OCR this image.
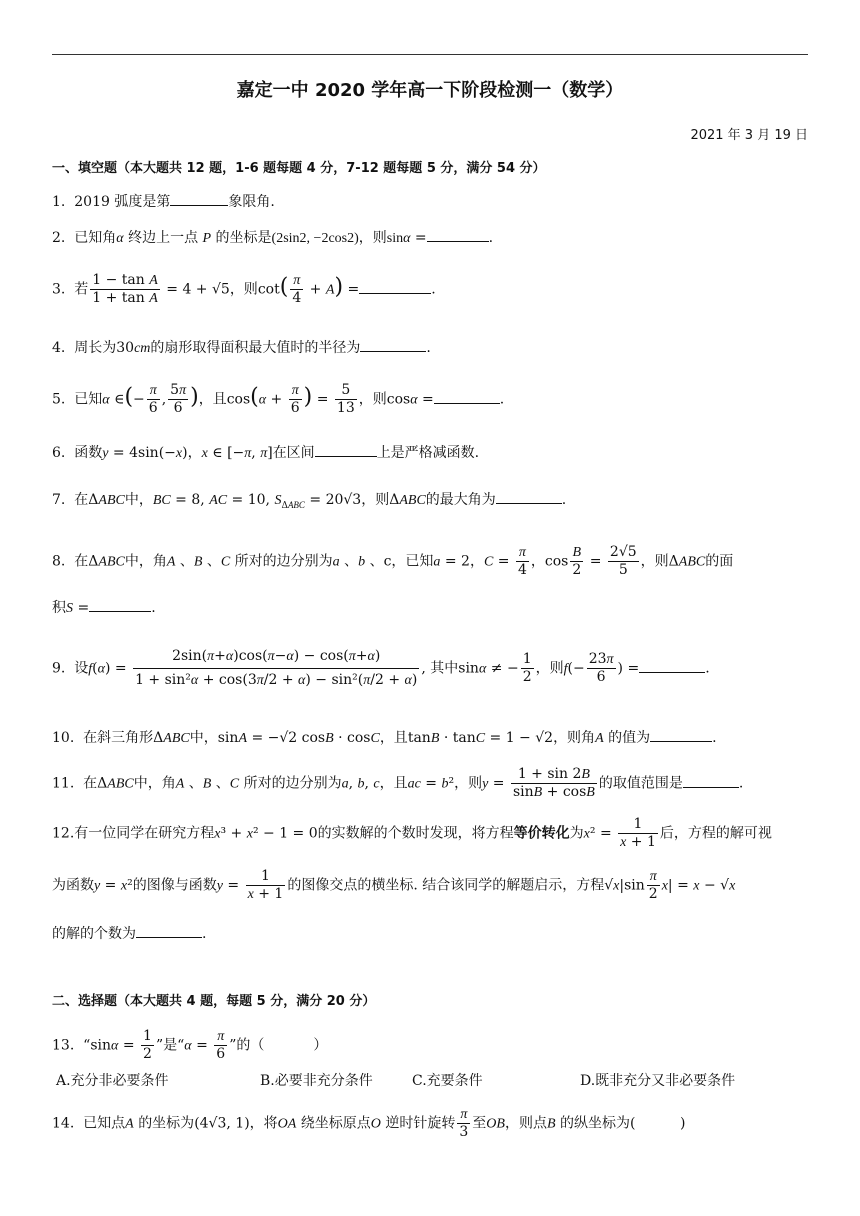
嘉定一中 2020 学年高一下阶段检测一（数学）
2021 年 3 月 19 日
一、填空题（本大题共 12 题，1-6 题每题 4 分，7-12 题每题 5 分，满分 54 分）
1. 2019 弧度是第	象限角.
2. 已知角α 终边上一点 P 的坐标是(2sin2, −2cos2)，则sinα =	.
3. 若 $\frac{\text{1 − tan A}}{\text{1 + tan A}} = 4 + √5$，则$\cot( \frac{\pi}{4} + A)$ =	.
4. 周长为30cm的扇形取得面积最大值时的半径为	.
5. 已知α ∈(− $\frac{\pi}{6}$ , $\frac{5\pi}{6}$ )，且$\cos(\alpha + \frac{\pi}{6}$ ) = $\frac{5}{13}$ ，则cosα =	.
6. 函数y = 4sin(−x)，x ∈ [−π, π]在区间	上是严格减函数.
7. 在ΔABC中，BC = 8, AC = 10, $S_{\Delta ABC} = 20√3$，则ΔABC的最大角为	.
8. 在ΔABC中，角A 、B 、C 所对的边分别为a 、b 、c，已知a = 2，$C = \frac{\pi}{4}$ ，$\cos \frac{B}{2} = \frac{2√5}{5}$ ，则ΔABC的面
积S =	.
9. 设$f(\alpha) = \frac{2\sin(\pi+\alpha)\cos(\pi-\alpha) - \cos(\pi+\alpha)}{\text{1 + sin²α + cos(3π/2 + α) − sin²(π/2 + α)}}$ , 其中sinα ≠ − $\frac{1}{2}$ ，则$f(- \frac{23\pi}{6}$ ) =	.
10. 在斜三角形ΔABC中，sinA = −√2 cosB · cosC，且tanB · tanC = 1 − √2，则角A 的值为	.
11. 在ΔABC中，角A 、B 、C 所对的边分别为a, b, c，且ac = b²，则$y = \frac{1 + \sin 2B}{\sin B + \cos B}$ 的取值范围是	.
12.有一位同学在研究方程x³ + x² − 1 = 0的实数解的个数时发现，将方程等价转化为$x^2 = \frac{1}{x + 1}$ 后，方程的解可视
为函数y = x²的图像与函数$y = \frac{1}{x + 1}$ 的图像交点的横坐标. 结合该同学的解题启示，方程$√x|\sin \frac{\pi}{2} x| = x - √x$
的解的个数为	.
二、选择题（本大题共 4 题，每题 5 分，满分 20 分）
13. “$\sin\alpha = \frac{1}{2}$ ”是“$\alpha = \frac{\pi}{6}$ ”的（	）
A.充分非必要条件	B.必要非充分条件	C.充要条件	D.既非充分又非必要条件
14. 已知点A 的坐标为(4√3, 1)，将OA 绕坐标原点O 逆时针旋转 $\frac{\pi}{3}$ 至OB，则点B 的纵坐标为(	)
